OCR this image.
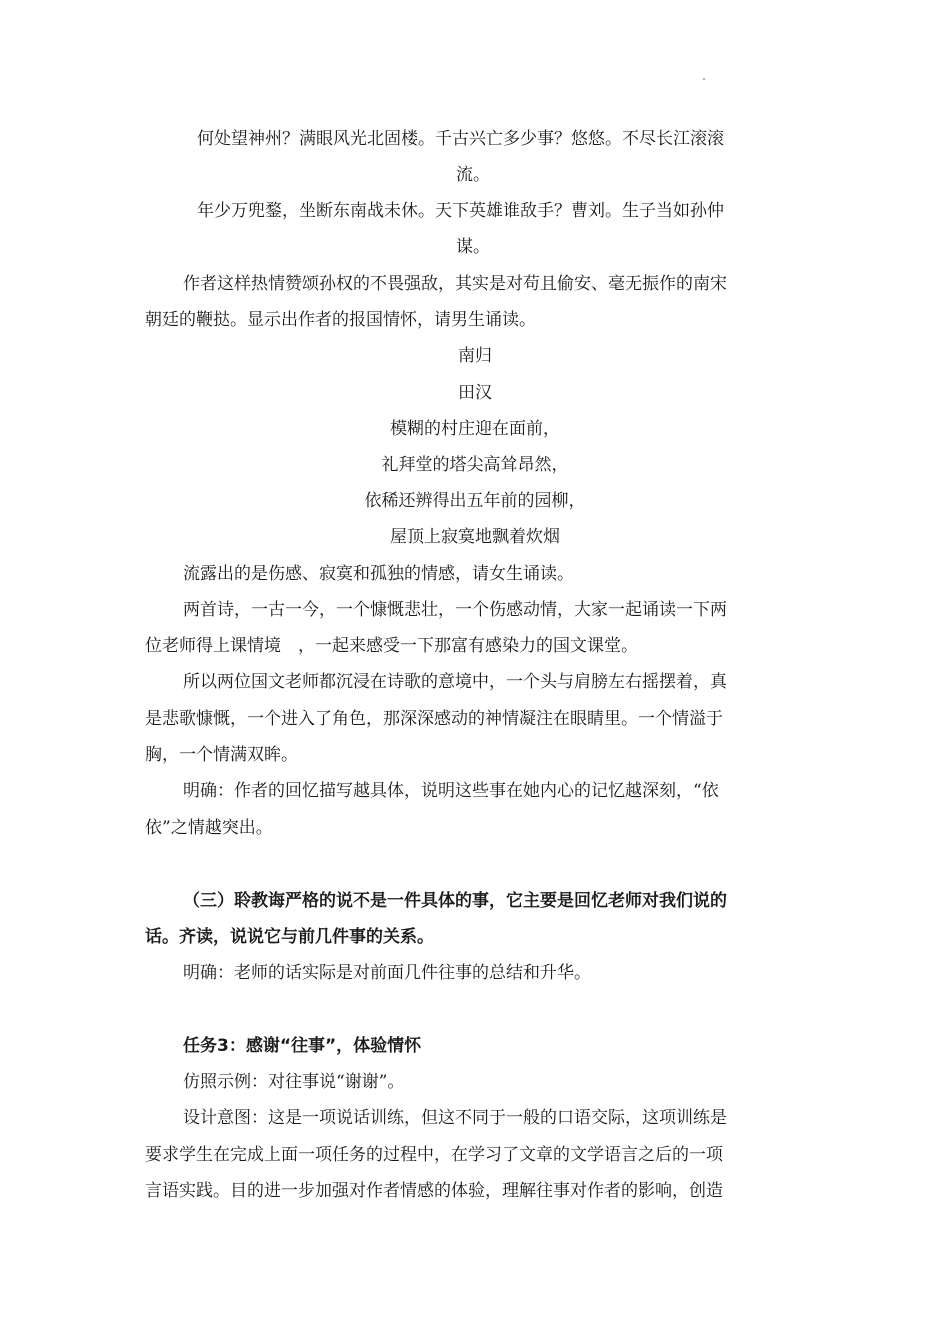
何处望神州？满眼风光北固楼。千古兴亡多少事？悠悠。不尽长江滚滚
流。
年少万兜鍪，坐断东南战未休。天下英雄谁敌手？曹刘。生子当如孙仲
谋。
作者这样热情赞颂孙权的不畏强敌，其实是对苟且偷安、毫无振作的南宋
朝廷的鞭挞。显示出作者的报国情怀，请男生诵读。
南归
田汉
模糊的村庄迎在面前，
礼拜堂的塔尖高耸昂然，
依稀还辨得出五年前的园柳，
屋顶上寂寞地飘着炊烟
流露出的是伤感、寂寞和孤独的情感，请女生诵读。
两首诗，一古一今，一个慷慨悲壮，一个伤感动情，大家一起诵读一下两
位老师得上课情境　，一起来感受一下那富有感染力的国文课堂。
所以两位国文老师都沉浸在诗歌的意境中，一个头与肩膀左右摇摆着，真
是悲歌慷慨，一个进入了角色，那深深感动的神情凝注在眼睛里。一个情溢于
胸，一个情满双眸。
明确：作者的回忆描写越具体，说明这些事在她内心的记忆越深刻，“依
依”之情越突出。
（三）聆教诲严格的说不是一件具体的事，它主要是回忆老师对我们说的
话。齐读，说说它与前几件事的关系。
明确：老师的话实际是对前面几件往事的总结和升华。
任务3：感谢“往事”，体验情怀
仿照示例：对往事说“谢谢”。
设计意图：这是一项说话训练，但这不同于一般的口语交际，这项训练是
要求学生在完成上面一项任务的过程中，在学习了文章的文学语言之后的一项
言语实践。目的进一步加强对作者情感的体验，理解往事对作者的影响，创造
